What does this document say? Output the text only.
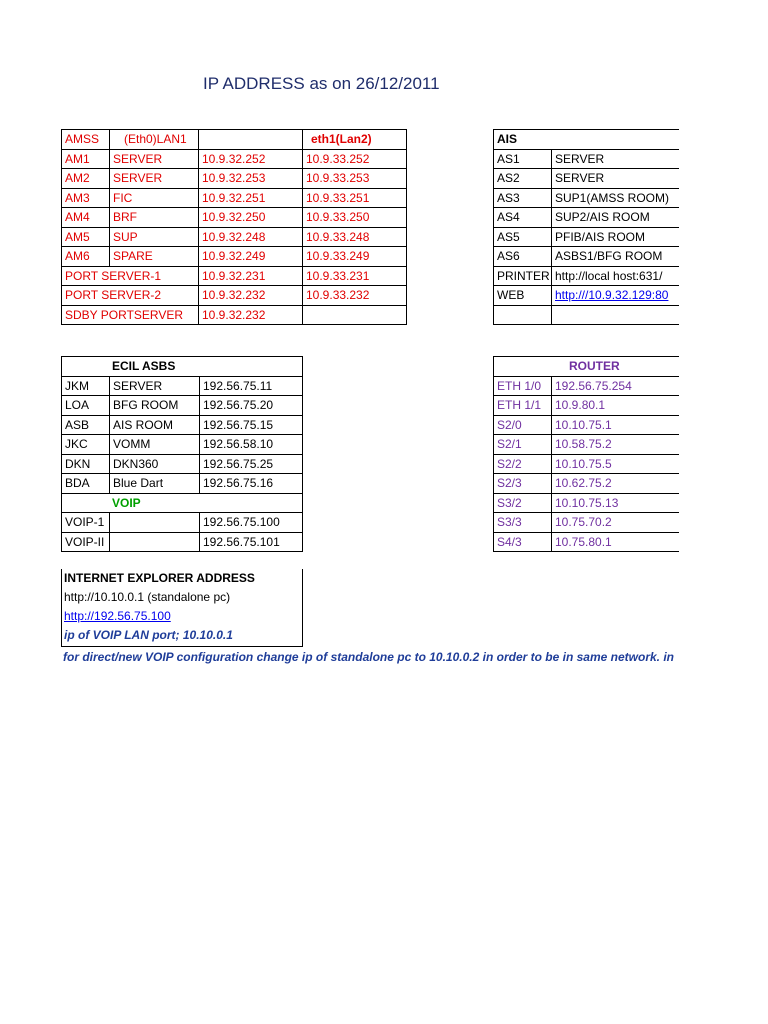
IP ADDRESS as on 26/12/2011
AMSS	(Eth0)LAN1		eth1(Lan2)
AM1	SERVER	10.9.32.252	10.9.33.252
AM2	SERVER	10.9.32.253	10.9.33.253
AM3	FIC	10.9.32.251	10.9.33.251
AM4	BRF	10.9.32.250	10.9.33.250
AM5	SUP	10.9.32.248	10.9.33.248
AM6	SPARE	10.9.32.249	10.9.33.249
PORT SERVER-1		10.9.32.231	10.9.33.231
PORT SERVER-2		10.9.32.232	10.9.33.232
SDBY PORTSERVER		10.9.32.232	
AIS	
AS1	SERVER
AS2	SERVER
AS3	SUP1(AMSS ROOM)
AS4	SUP2/AIS ROOM
AS5	PFIB/AIS ROOM
AS6	ASBS1/BFG ROOM
PRINTER	http://local host:631/
WEB	http:///10.9.32.129:80

ECIL ASBS		
JKM	SERVER	192.56.75.11
LOA	BFG ROOM	192.56.75.20
ASB	AIS ROOM	192.56.75.15
JKC	VOMM	192.56.58.10
DKN	DKN360	192.56.75.25
BDA	Blue Dart	192.56.75.16
VOIP		
VOIP-1		192.56.75.100
VOIP-II		192.56.75.101
INTERNET EXPLORER ADDRESS
http://10.10.0.1 (standalone pc)
http://192.56.75.100
ip of VOIP LAN port; 10.10.0.1
ROUTER	
ETH 1/0	192.56.75.254
ETH 1/1	10.9.80.1
S2/0	10.10.75.1
S2/1	10.58.75.2
S2/2	10.10.75.5
S2/3	10.62.75.2
S3/2	10.10.75.13
S3/3	10.75.70.2
S4/3	10.75.80.1
for direct/new VOIP configuration change ip of standalone pc to 10.10.0.2 in order to be in same network. in
